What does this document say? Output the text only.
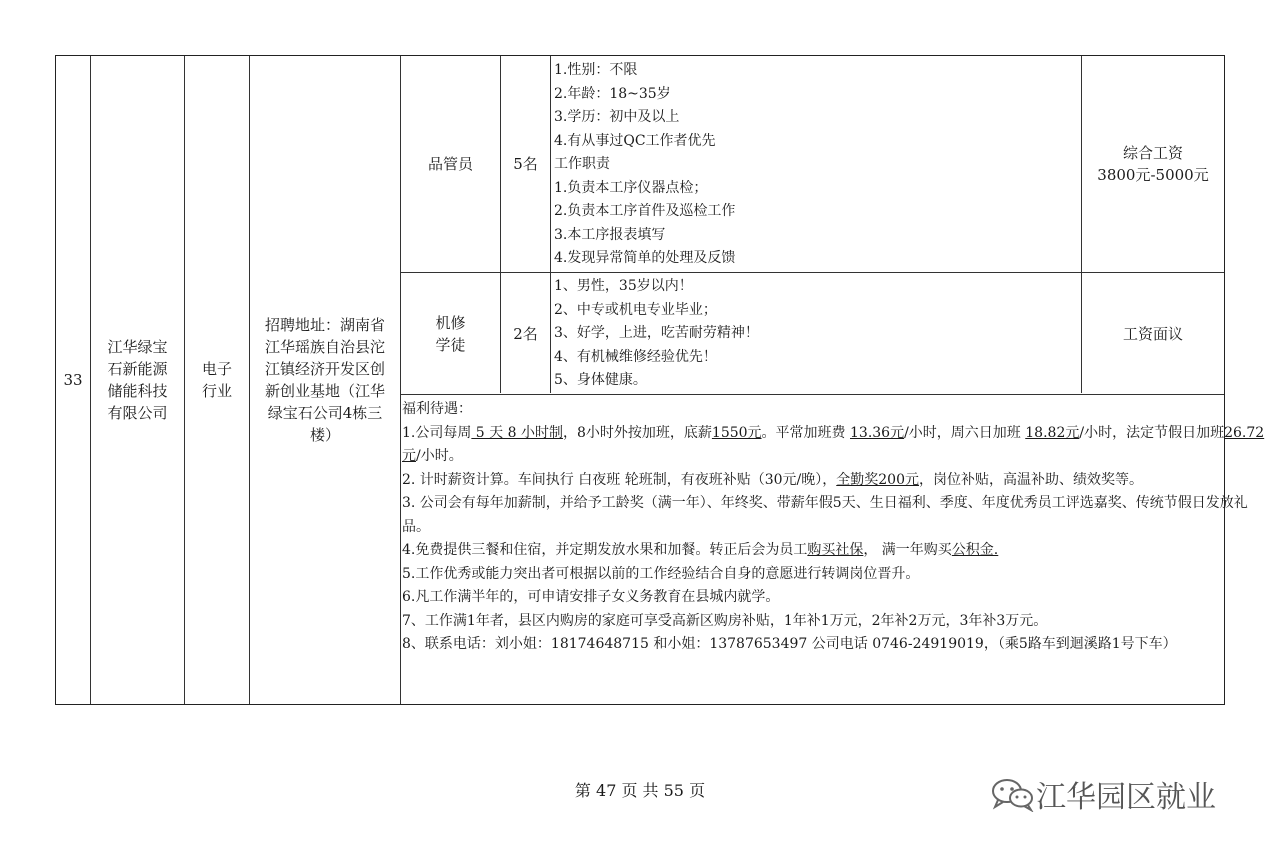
33
江华绿宝
石新能源
储能科技
有限公司
电子
行业
招聘地址：湖南省
江华瑶族自治县沱
江镇经济开发区创
新创业基地（江华
绿宝石公司4栋三
楼）
品管员	5名
1.性别：不限
2.年龄：18~35岁
3.学历：初中及以上
4.有从事过QC工作者优先
工作职责
1.负责本工序仪器点检；
2.负责本工序首件及巡检工作
3.本工序报表填写
4.发现异常简单的处理及反馈
综合工资
3800元-5000元
机修
学徒
2名
1、男性，35岁以内！
2、中专或机电专业毕业；
3、好学，上进，吃苦耐劳精神！
4、有机械维修经验优先！
5、身体健康。
工资面议

福利待遇：

1.公司每周 5 天 8 小时制，8小时外按加班，底薪1550元。平常加班费 13.36元/小时，周六日加班 18.82元/小时，法定节假日加班26.72元/小时。

2. 计时薪资计算。车间执行 白夜班 轮班制，有夜班补贴（30元/晚），全勤奖200元，岗位补贴，高温补助、绩效奖等。

3. 公司会有每年加薪制，并给予工龄奖（满一年）、年终奖、带薪年假5天、生日福利、季度、年度优秀员工评选嘉奖、传统节假日发放礼品。

4.免费提供三餐和住宿，并定期发放水果和加餐。转正后会为员工购买社保， 满一年购买公积金.

5.工作优秀或能力突出者可根据以前的工作经验结合自身的意愿进行转调岗位晋升。

6.凡工作满半年的，可申请安排子女义务教育在县城内就学。

7、工作满1年者，县区内购房的家庭可享受高新区购房补贴，1年补1万元，2年补2万元，3年补3万元。

8、联系电话：刘小姐：18174648715 和小姐：13787653497 公司电话 0746-24919019，（乘5路车到迴溪路1号下车）

第 47 页 共 55 页	江华园区就业
